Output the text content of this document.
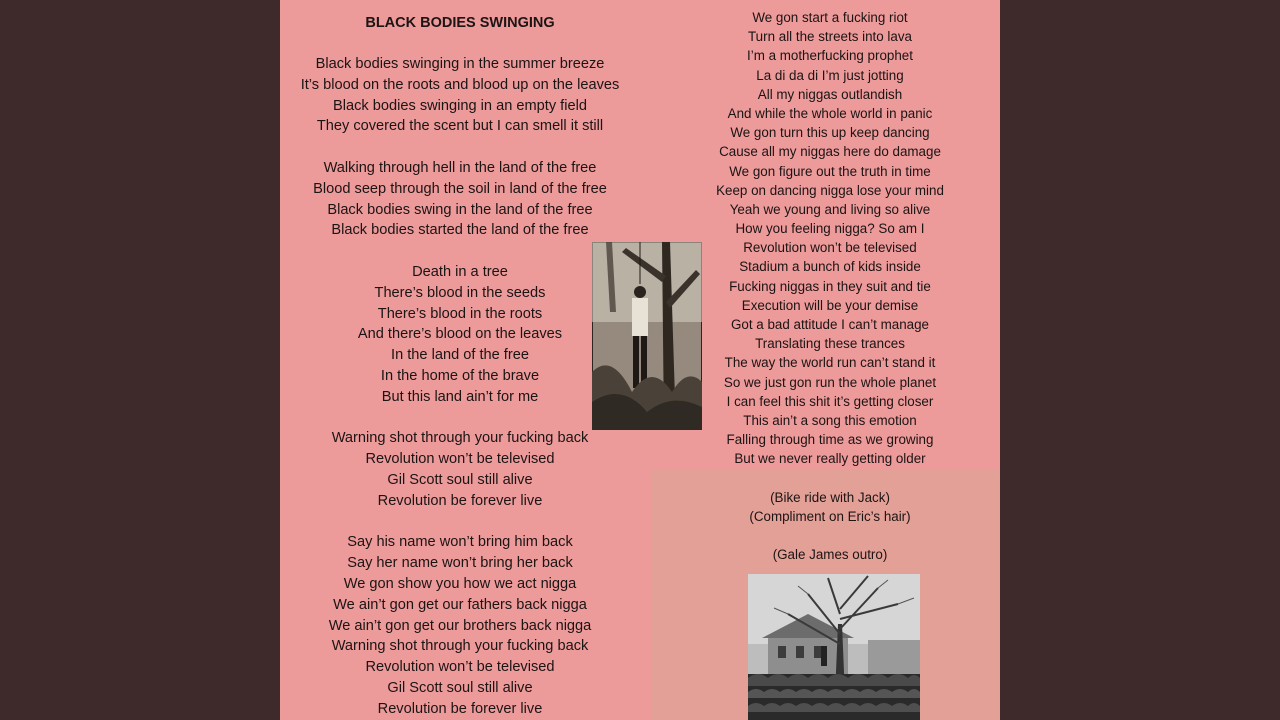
BLACK BODIES SWINGING
Black bodies swinging in the summer breeze
It’s blood on the roots and blood up on the leaves
Black bodies swinging in an empty field
They covered the scent but I can smell it still
Walking through hell in the land of the free
Blood seep through the soil in land of the free
Black bodies swing in the land of the free
Black bodies started the land of the free
Death in a tree
There’s blood in the seeds
There’s blood in the roots
And there’s blood on the leaves
In the land of the free
In the home of the brave
But this land ain’t for me
Warning shot through your fucking back
Revolution won’t be televised
Gil Scott soul still alive
Revolution be forever live
Say his name won’t bring him back
Say her name won’t bring her back
We gon show you how we act nigga
We ain’t gon get our fathers back nigga
We ain’t gon get our brothers back nigga
Warning shot through your fucking back
Revolution won’t be televised
Gil Scott soul still alive
Revolution be forever live
We gon start a fucking riot
Turn all the streets into lava
I’m a motherfucking prophet
La di da di I’m just jotting
All my niggas outlandish
And while the whole world in panic
We gon turn this up keep dancing
Cause all my niggas here do damage
We gon figure out the truth in time
Keep on dancing nigga lose your mind
Yeah we young and living so alive
How you feeling nigga? So am I
Revolution won’t be televised
Stadium a bunch of kids inside
Fucking niggas in they suit and tie
Execution will be your demise
Got a bad attitude I can’t manage
Translating these trances
The way the world run can’t stand it
So we just gon run the whole planet
I can feel this shit it’s getting closer
This ain’t a song this emotion
Falling through time as we growing
But we never really getting older
(Bike ride with Jack)
(Compliment on Eric’s hair)
(Gale James outro)
